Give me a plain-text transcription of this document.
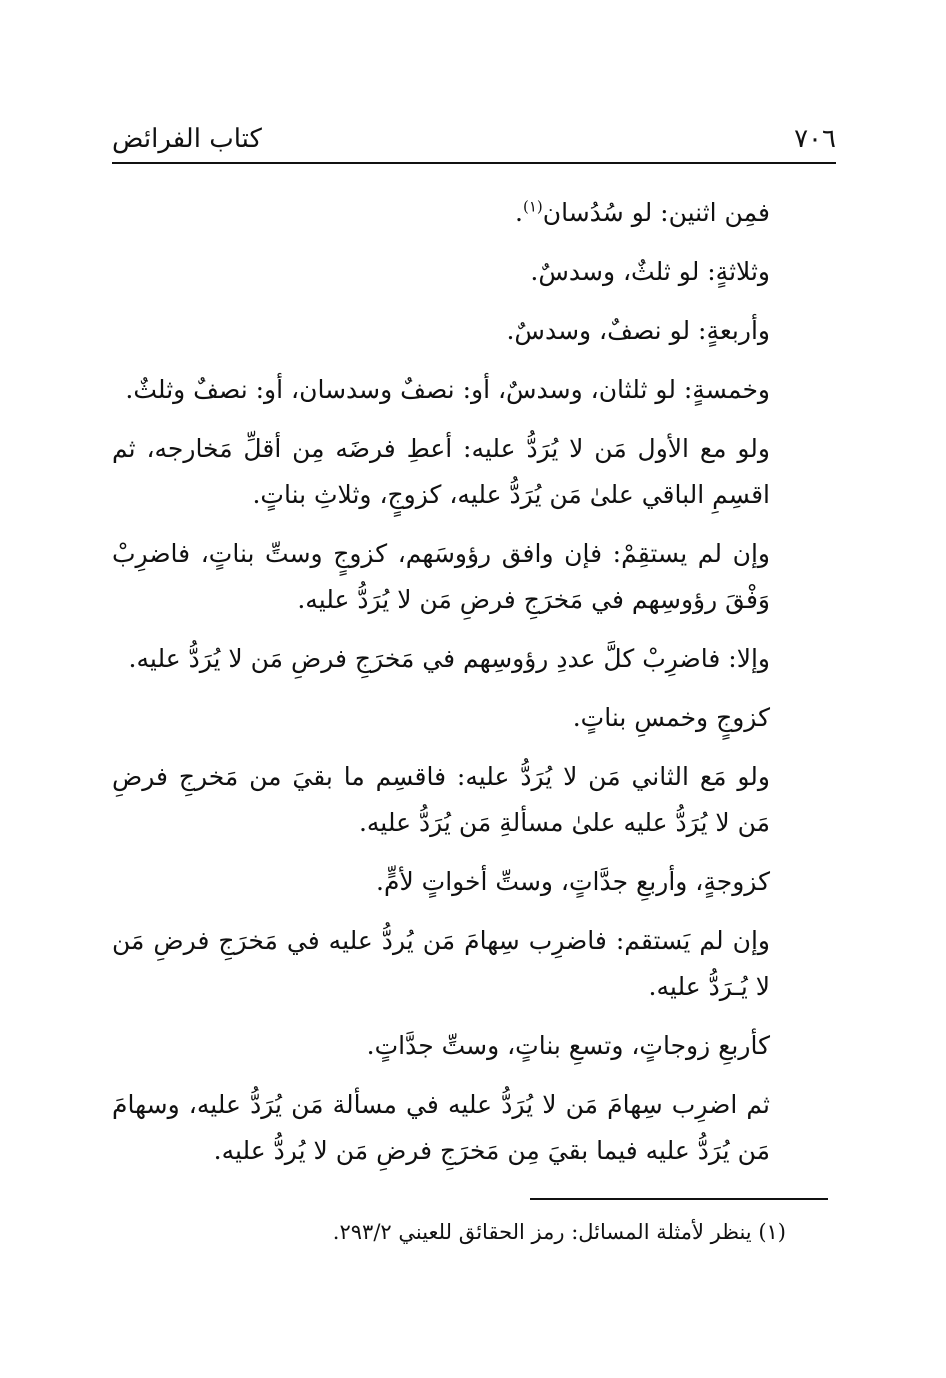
٧٠٦
كتاب الفرائض

فمِن اثنين: لو سُدُسان$^{(١)}$.

وثلاثةٍ: لو ثلثٌ، وسدسٌ.

وأربعةٍ: لو نصفٌ، وسدسٌ.

وخمسةٍ: لو ثلثان، وسدسٌ، أو: نصفٌ وسدسان، أو: نصفٌ وثلثٌ.

ولو مع الأول مَن لا يُرَدُّ عليه: أعطِ فرضَه مِن أقلِّ مَخارجه، ثم اقسِمِ الباقي علىٰ مَن يُرَدُّ عليه، كزوجٍ، وثلاثِ بناتٍ.

وإن لم يستقِمْ: فإن وافق رؤوسَهم، كزوجٍ وستِّ بناتٍ، فاضرِبْ وَفْقَ رؤوسِهم في مَخرَجِ فرضِ مَن لا يُرَدُّ عليه.

وإلا: فاضرِبْ كلَّ عددِ رؤوسِهم في مَخرَجِ فرضِ مَن لا يُرَدُّ عليه.

كزوجٍ وخمسِ بناتٍ.

ولو مَع الثاني مَن لا يُرَدُّ عليه: فاقسِم ما بقيَ من مَخرجِ فرضِ مَن لا يُرَدُّ عليه علىٰ مسألةِ مَن يُرَدُّ عليه.

كزوجةٍ، وأربعِ جدَّاتٍ، وستِّ أخواتٍ لأمٍّ.

وإن لم يَستقم: فاضرِب سِهامَ مَن يُردُّ عليه في مَخرَجِ فرضِ مَن لا يُـرَدُّ عليه.

كأربعِ زوجاتٍ، وتسعِ بناتٍ، وستِّ جدَّاتٍ.

ثم اضرِب سِهامَ مَن لا يُرَدُّ عليه في مسألة مَن يُرَدُّ عليه، وسهامَ مَن يُرَدُّ عليه فيما بقيَ مِن مَخرَجِ فرضِ مَن لا يُردُّ عليه.

(١) ينظر لأمثلة المسائل: رمز الحقائق للعيني ٢٩٣/٢.
